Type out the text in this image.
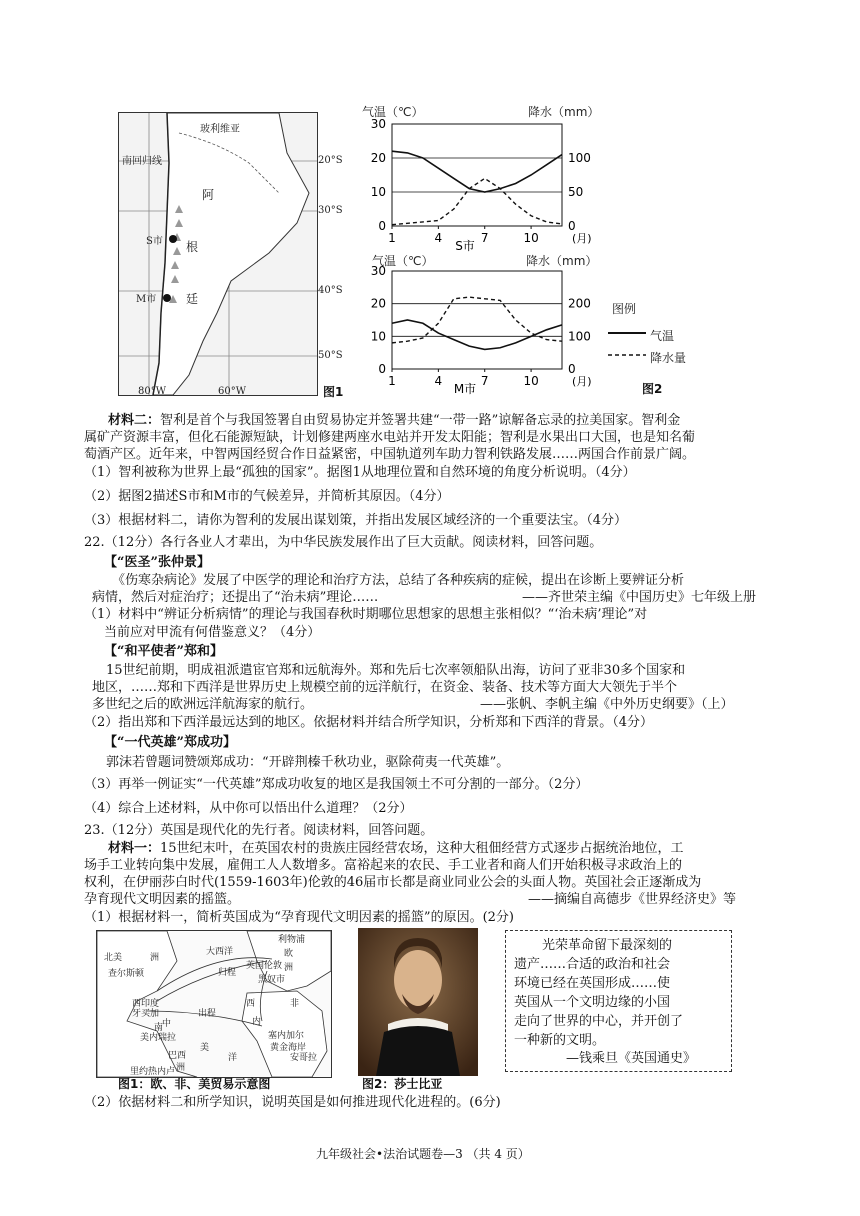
玻利维亚
南回归线
阿
根
廷
S市
M市
20°S
30°S
40°S
50°S
80°W	60°W	图1
气温（℃）	降水（mm）
0
10
20
30
0
50
100
1	4	7	10	(月)
S市
气温（℃）	降水（mm）
0
10
20
30
0
100
200
1	4	7	10	(月)
M市
图例
气温
降水量
图2
材料二：智利是首个与我国签署自由贸易协定并签署共建“一带一路”谅解备忘录的拉美国家。智利金
属矿产资源丰富，但化石能源短缺，计划修建两座水电站并开发太阳能；智利是水果出口大国，也是知名葡
萄酒产区。近年来，中智两国经贸合作日益紧密，中国轨道列车助力智利铁路发展……两国合作前景广阔。
（1）智利被称为世界上最“孤独的国家”。据图1从地理位置和自然环境的角度分析说明。（4分）
（2）据图2描述S市和M市的气候差异，并简析其原因。（4分）
（3）根据材料二，请你为智利的发展出谋划策，并指出发展区域经济的一个重要法宝。（4分）
22.（12分）各行各业人才辈出，为中华民族发展作出了巨大贡献。阅读材料，回答问题。
【“医圣”张仲景】
《伤寒杂病论》发展了中医学的理论和治疗方法，总结了各种疾病的症候，提出在诊断上要辨证分析
病情，然后对症治疗；还提出了“治未病”理论……	——齐世荣主编《中国历史》七年级上册
（1）材料中“辨证分析病情”的理论与我国春秋时期哪位思想家的思想主张相似？“‘治未病’理论”对
当前应对甲流有何借鉴意义？（4分）
【“和平使者”郑和】
15世纪前期，明成祖派遣宦官郑和远航海外。郑和先后七次率领船队出海，访问了亚非30多个国家和
地区，……郑和下西洋是世界历史上规模空前的远洋航行，在资金、装备、技术等方面大大领先于半个
多世纪之后的欧洲远洋航海家的航行。	——张帆、李帆主编《中外历史纲要》（上）
（2）指出郑和下西洋最远达到的地区。依据材料并结合所学知识，分析郑和下西洋的背景。（4分）
【“一代英雄”郑成功】
郭沫若曾题词赞颂郑成功：“开辟荆榛千秋功业，驱除荷夷一代英雄”。
（3）再举一例证实“一代英雄”郑成功收复的地区是我国领土不可分割的一部分。（2分）
（4）综合上述材料，从中你可以悟出什么道理？（2分）
23.（12分）英国是现代化的先行者。阅读材料，回答问题。
材料一：15世纪末叶，在英国农村的贵族庄园经营农场，这种大租佃经营方式逐步占据统治地位，工
场手工业转向集中发展，雇佣工人人数增多。富裕起来的农民、手工业者和商人们开始积极寻求政治上的
权利，在伊丽莎白时代(1559-1603年)伦敦的46届市长都是商业同业公会的头面人物。英国社会正逐渐成为
孕育现代文明因素的摇篮。	——摘编自高德步《世界经济史》等
（1）根据材料一，简析英国成为“孕育现代文明因素的摇篮”的原因。(2分)
大西洋
北美	洲
利物浦
欧
洲
英国伦敦
归程
查尔斯顿
黑奴市
西印度
牙买加	出程
中
西	非
内
美内瑞拉
南
塞内加尔
美	黄金海岸
巴西	洋	安哥拉
洲
里约热内卢
图1：欧、非、美贸易示意图	图2：莎士比亚
光荣革命留下最深刻的
遗产……合适的政治和社会
环境已经在英国形成……使
英国从一个文明边缘的小国
走向了世界的中心，并开创了
一种新的文明。
—钱乘旦《英国通史》
（2）依据材料二和所学知识，说明英国是如何推进现代化进程的。(6分)
九年级社会•法治试题卷—3 （共 4 页）
